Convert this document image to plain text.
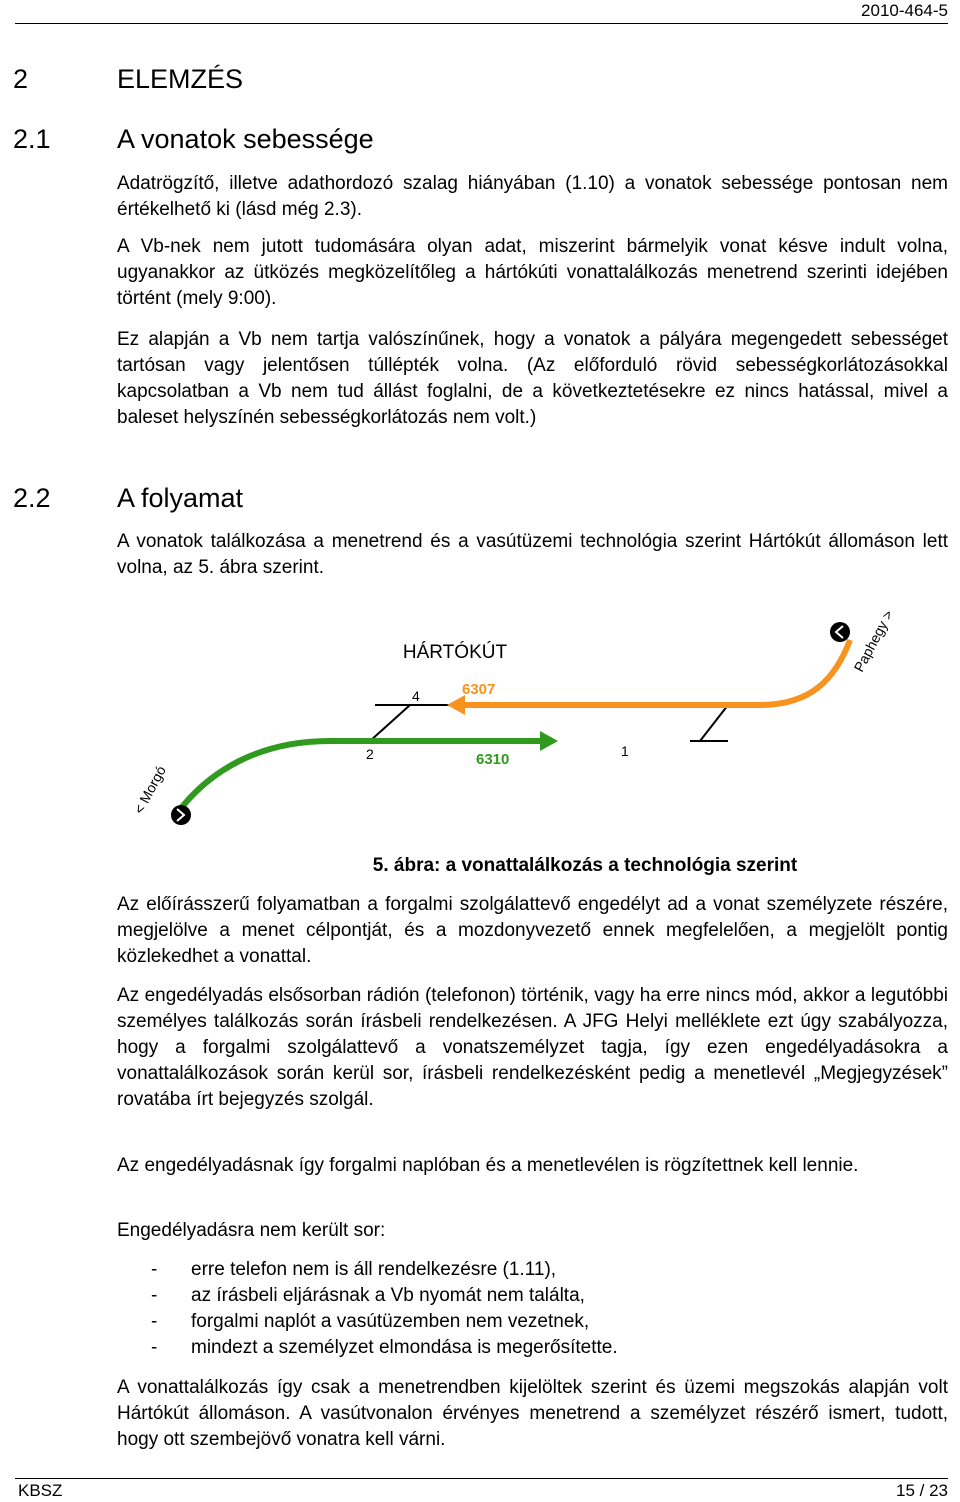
2010-464-5
2	ELEMZÉS
2.1 A vonatok sebessége

Adatrögzítő, illetve adathordozó szalag hiányában (1.10) a vonatok sebessége pontosan nem értékelhető ki (lásd még 2.3).

A Vb-nek nem jutott tudomására olyan adat, miszerint bármelyik vonat késve indult volna, ugyanakkor az ütközés megközelítőleg a hártókúti vonattalálkozás menetrend szerinti idejében történt (mely 9:00).

Ez alapján a Vb nem tartja valószínűnek, hogy a vonatok a pályára megengedett sebességet tartósan vagy jelentősen túllépték volna. (Az előforduló rövid sebességkorlátozásokkal kapcsolatban a Vb nem tud állást foglalni, de a következtetésekre ez nincs hatással, mivel a baleset helyszínén sebességkorlátozás nem volt.)

2.2 A folyamat

A vonatok találkozása a menetrend és a vasútüzemi technológia szerint Hártókút állomáson lett volna, az 5. ábra szerint.

HÁRTÓKÚT
4	6307
2	6310	1
< Morgó
Paphegy >

5. ábra: a vonattalálkozás a technológia szerint

Az előírásszerű folyamatban a forgalmi szolgálattevő engedélyt ad a vonat személyzete részére, megjelölve a menet célpontját, és a mozdonyvezető ennek megfelelően, a megjelölt pontig közlekedhet a vonattal.

Az engedélyadás elsősorban rádión (telefonon) történik, vagy ha erre nincs mód, akkor a legutóbbi személyes találkozás során írásbeli rendelkezésen. A JFG Helyi melléklete ezt úgy szabályozza, hogy a forgalmi szolgálattevő a vonatszemélyzet tagja, így ezen engedélyadásokra a vonattalálkozások során kerül sor, írásbeli rendelkezésként pedig a menetlevél „Megjegyzések” rovatába írt bejegyzés szolgál.

Az engedélyadásnak így forgalmi naplóban és a menetlevélen is rögzítettnek kell lennie.

Engedélyadásra nem került sor:

- erre telefon nem is áll rendelkezésre (1.11),
- az írásbeli eljárásnak a Vb nyomát nem találta,
- forgalmi naplót a vasútüzemben nem vezetnek,
- mindezt a személyzet elmondása is megerősítette.

A vonattalálkozás így csak a menetrendben kijelöltek szerint és üzemi megszokás alapján volt Hártókút állomáson. A vasútvonalon érvényes menetrend a személyzet részérő ismert, tudott, hogy ott szembejövő vonatra kell várni.

KBSZ	15 / 23
